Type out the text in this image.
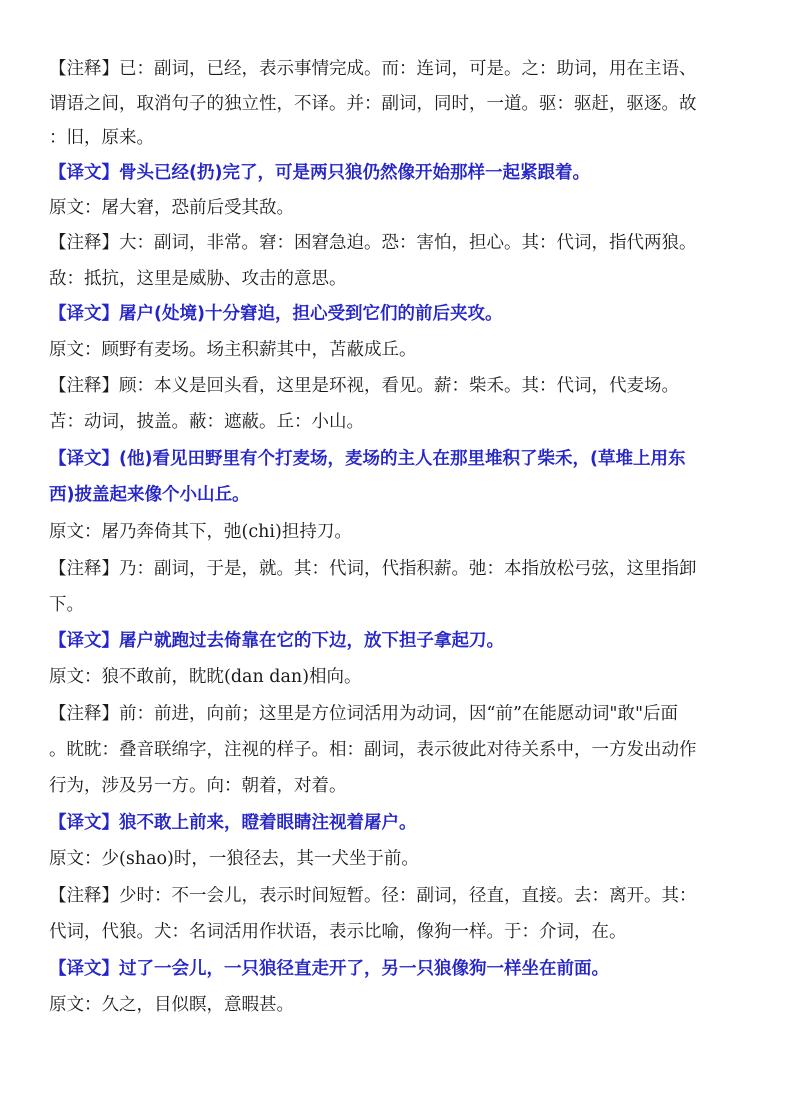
【注释】已：副词，已经，表示事情完成。而：连词，可是。之：助词，用在主语、
谓语之间，取消句子的独立性，不译。并：副词，同时，一道。驱：驱赶，驱逐。故
：旧，原来。
【译文】骨头已经(扔)完了，可是两只狼仍然像开始那样一起紧跟着。
原文：屠大窘，恐前后受其敌。
【注释】大：副词，非常。窘：困窘急迫。恐：害怕，担心。其：代词，指代两狼。
敌：抵抗，这里是威胁、攻击的意思。
【译文】屠户(处境)十分窘迫，担心受到它们的前后夹攻。
原文：顾野有麦场。场主积薪其中，苫蔽成丘。
【注释】顾：本义是回头看，这里是环视，看见。薪：柴禾。其：代词，代麦场。
苫：动词，披盖。蔽：遮蔽。丘：小山。
【译文】(他)看见田野里有个打麦场，麦场的主人在那里堆积了柴禾，(草堆上用东
西)披盖起来像个小山丘。
原文：屠乃奔倚其下，弛(chi)担持刀。
【注释】乃：副词，于是，就。其：代词，代指积薪。弛：本指放松弓弦，这里指卸
下。
【译文】屠户就跑过去倚靠在它的下边，放下担子拿起刀。
原文：狼不敢前，眈眈(dan dan)相向。
【注释】前：前进，向前；这里是方位词活用为动词，因“前”在能愿动词"敢"后面
。眈眈：叠音联绵字，注视的样子。相：副词，表示彼此对待关系中，一方发出动作
行为，涉及另一方。向：朝着，对着。
【译文】狼不敢上前来，瞪着眼睛注视着屠户。
原文：少(shao)时，一狼径去，其一犬坐于前。
【注释】少时：不一会儿，表示时间短暂。径：副词，径直，直接。去：离开。其：
代词，代狼。犬：名词活用作状语，表示比喻，像狗一样。于：介词，在。
【译文】过了一会儿，一只狼径直走开了，另一只狼像狗一样坐在前面。
原文：久之，目似瞑，意暇甚。
